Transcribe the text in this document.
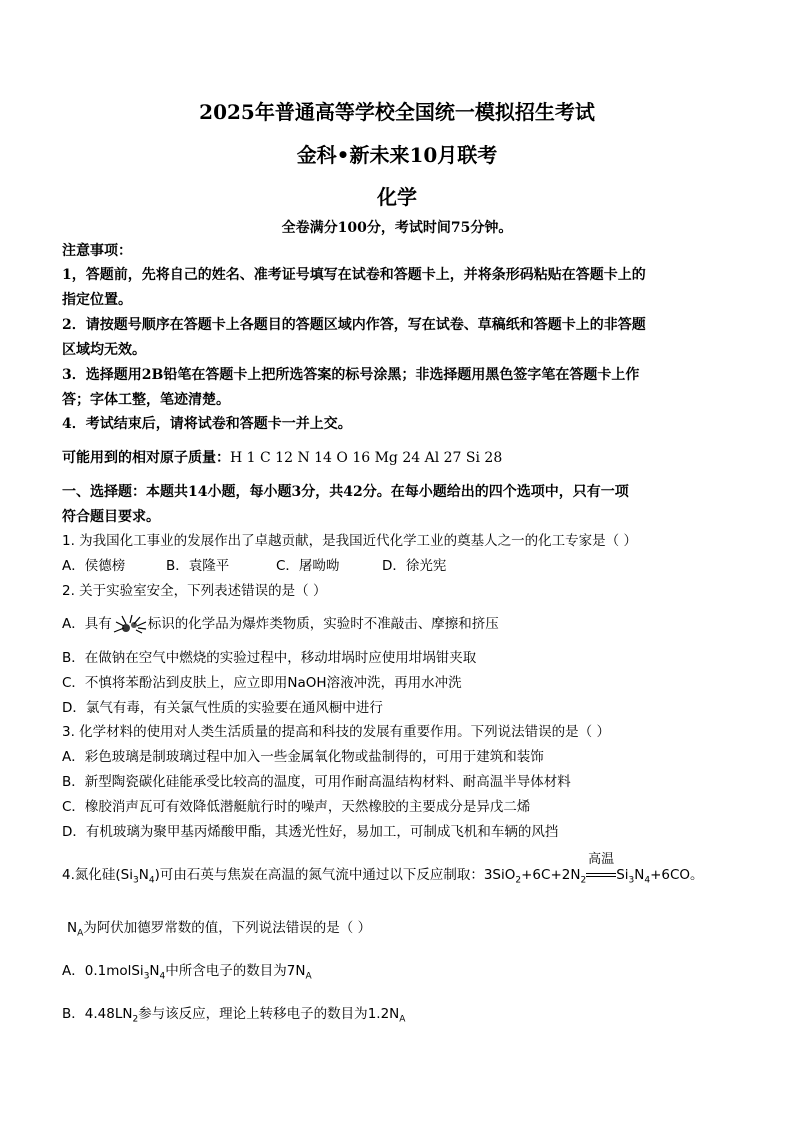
2025年普通高等学校全国统一模拟招生考试
金科•新未来10月联考
化学
全卷满分100分，考试时间75分钟。
注意事项：
1，答题前，先将自己的姓名、准考证号填写在试卷和答题卡上，并将条形码粘贴在答题卡上的
指定位置。
2．请按题号顺序在答题卡上各题目的答题区域内作答，写在试卷、草稿纸和答题卡上的非答题
区域均无效。
3．选择题用2B铅笔在答题卡上把所选答案的标号涂黑；非选择题用黑色签字笔在答题卡上作
答；字体工整，笔迹清楚。
4．考试结束后，请将试卷和答题卡一并上交。
可能用到的相对原子质量：H 1 C 12 N 14 O 16 Mg 24 Al 27 Si 28
一、选择题：本题共14小题，每小题3分，共42分。在每小题给出的四个选项中，只有一项
符合题目要求。
1. 为我国化工事业的发展作出了卓越贡献，是我国近代化学工业的奠基人之一的化工专家是（ ）
A．侯德榜	B．袁隆平	C．屠呦呦	D．徐光宪
2. 关于实验室安全，下列表述错误的是（ ）
A．具有	标识的化学品为爆炸类物质，实验时不准敲击、摩擦和挤压
B．在做钠在空气中燃烧的实验过程中，移动坩埚时应使用坩埚钳夹取
C．不慎将苯酚沾到皮肤上，应立即用NaOH溶液冲洗，再用水冲洗
D．氯气有毒，有关氯气性质的实验要在通风橱中进行
3. 化学材料的使用对人类生活质量的提高和科技的发展有重要作用。下列说法错误的是（ ）
A．彩色玻璃是制玻璃过程中加入一些金属氧化物或盐制得的，可用于建筑和装饰
B．新型陶瓷碳化硅能承受比较高的温度，可用作耐高温结构材料、耐高温半导体材料
C．橡胶消声瓦可有效降低潜艇航行时的噪声，天然橡胶的主要成分是异戊二烯
D．有机玻璃为聚甲基丙烯酸甲酯，其透光性好，易加工，可制成飞机和车辆的风挡
4.氮化硅$(Si_3N_4)$可由石英与焦炭在高温的氮气流中通过以下反应制取：$3SiO_2+6C+2N_2$
高温
$Si_3N_4+6CO$。
$N_A$为阿伏加德罗常数的值，下列说法错误的是（ ）
A．$0.1molSi_3N_4$中所含电子的数目为$7N_A$
B．$4.48LN_2$参与该反应，理论上转移电子的数目为$1.2N_A$
